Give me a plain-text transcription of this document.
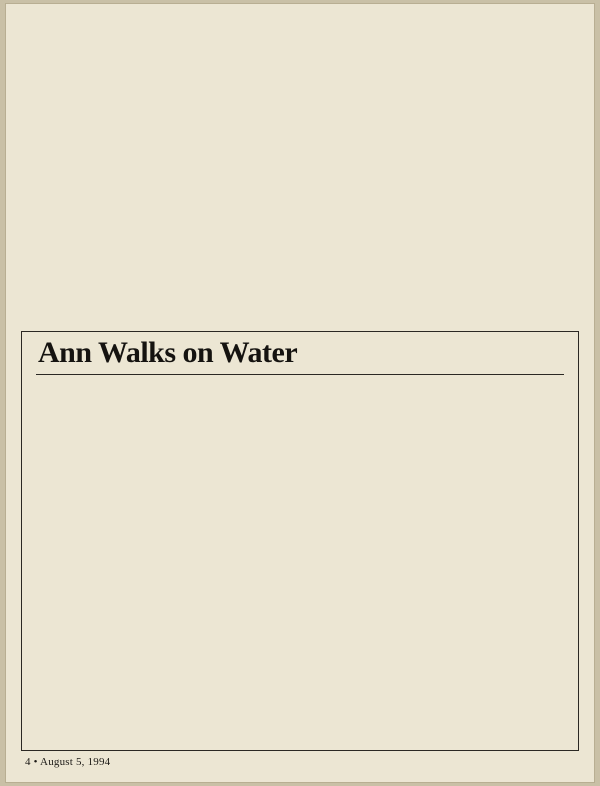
Ann Walks on Water

4 • August 5, 1994
